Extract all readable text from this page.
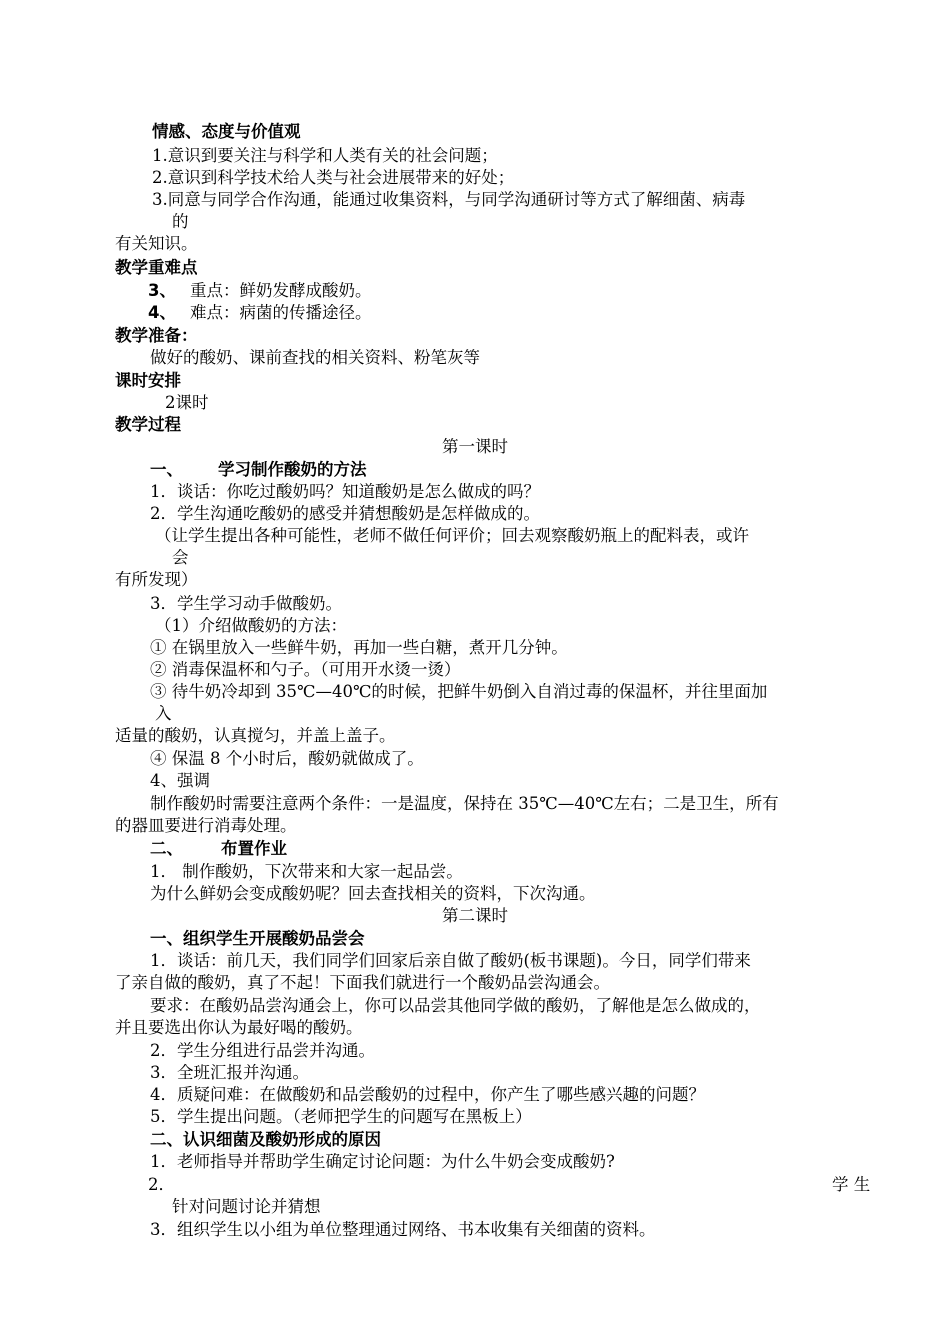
情感、态度与价值观
1.意识到要关注与科学和人类有关的社会问题；
2.意识到科学技术给人类与社会进展带来的好处；
3.同意与同学合作沟通，能通过收集资料，与同学沟通研讨等方式了解细菌、病毒
的
有关知识。
教学重难点
3、 重点：鲜奶发酵成酸奶。
4、 难点：病菌的传播途径。
教学准备：
做好的酸奶、课前查找的相关资料、粉笔灰等
课时安排
2课时
教学过程
第一课时
一、 学习制作酸奶的方法
1．谈话：你吃过酸奶吗？知道酸奶是怎么做成的吗？
2．学生沟通吃酸奶的感受并猜想酸奶是怎样做成的。
（让学生提出各种可能性，老师不做任何评价；回去观察酸奶瓶上的配料表，或许
会
有所发现）
3．学生学习动手做酸奶。
（1）介绍做酸奶的方法：
① 在锅里放入一些鲜牛奶，再加一些白糖，煮开几分钟。
② 消毒保温杯和勺子。（可用开水烫一烫）
③ 待牛奶冷却到 35℃—40℃的时候，把鲜牛奶倒入自消过毒的保温杯，并往里面加
入
适量的酸奶，认真搅匀，并盖上盖子。
④ 保温 8 个小时后，酸奶就做成了。
4、强调
制作酸奶时需要注意两个条件：一是温度，保持在 35℃—40℃左右；二是卫生，所有
的器皿要进行消毒处理。
二、 布置作业
1． 制作酸奶，下次带来和大家一起品尝。
为什么鲜奶会变成酸奶呢？回去查找相关的资料，下次沟通。
第二课时
一、组织学生开展酸奶品尝会
1．谈话：前几天，我们同学们回家后亲自做了酸奶(板书课题)。今日，同学们带来
了亲自做的酸奶，真了不起！下面我们就进行一个酸奶品尝沟通会。
要求：在酸奶品尝沟通会上，你可以品尝其他同学做的酸奶，了解他是怎么做成的，
并且要选出你认为最好喝的酸奶。
2．学生分组进行品尝并沟通。
3．全班汇报并沟通。
4．质疑问难：在做酸奶和品尝酸奶的过程中，你产生了哪些感兴趣的问题？
5．学生提出问题。（老师把学生的问题写在黑板上）
二、认识细菌及酸奶形成的原因
1．老师指导并帮助学生确定讨论问题：为什么牛奶会变成酸奶?
2．	学 生
针对问题讨论并猜想
3．组织学生以小组为单位整理通过网络、书本收集有关细菌的资料。
